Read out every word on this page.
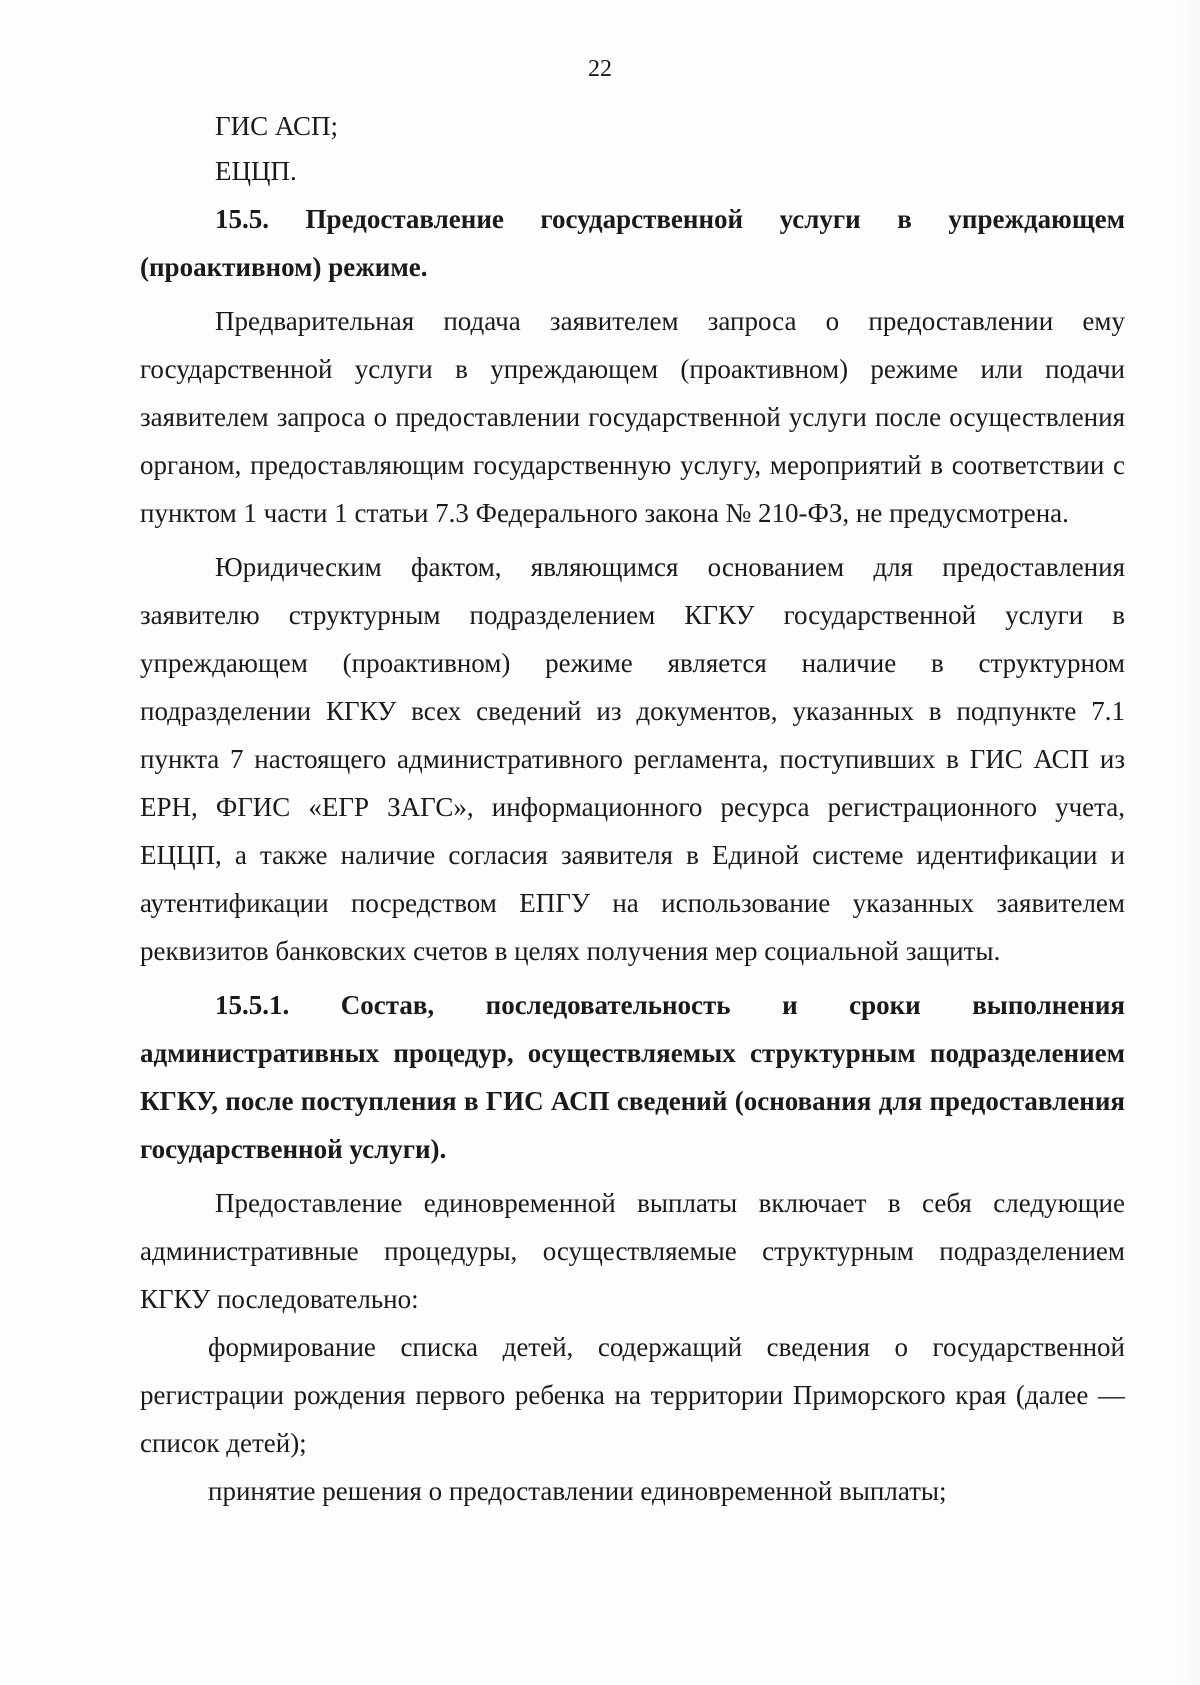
22

ГИС АСП;

ЕЦЦП.

15.5. Предоставление государственной услуги в упреждающем (проактивном) режиме.

Предварительная подача заявителем запроса о предоставлении ему государственной услуги в упреждающем (проактивном) режиме или подачи заявителем запроса о предоставлении государственной услуги после осуществления органом, предоставляющим государственную услугу, мероприятий в соответствии с пунктом 1 части 1 статьи 7.3 Федерального закона № 210-ФЗ, не предусмотрена.

Юридическим фактом, являющимся основанием для предоставления заявителю структурным подразделением КГКУ государственной услуги в упреждающем (проактивном) режиме является наличие в структурном подразделении КГКУ всех сведений из документов, указанных в подпункте 7.1 пункта 7 настоящего административного регламента, поступивших в ГИС АСП из ЕРН, ФГИС «ЕГР ЗАГС», информационного ресурса регистрационного учета, ЕЦЦП, а также наличие согласия заявителя в Единой системе идентификации и аутентификации посредством ЕПГУ на использование указанных заявителем реквизитов банковских счетов в целях получения мер социальной защиты.

15.5.1. Состав, последовательность и сроки выполнения административных процедур, осуществляемых структурным подразделением КГКУ, после поступления в ГИС АСП сведений (основания для предоставления государственной услуги).

Предоставление единовременной выплаты включает в себя следующие административные процедуры, осуществляемые структурным подразделением КГКУ последовательно:

формирование списка детей, содержащий сведения о государственной регистрации рождения первого ребенка на территории Приморского края (далее — список детей);

принятие решения о предоставлении единовременной выплаты;
